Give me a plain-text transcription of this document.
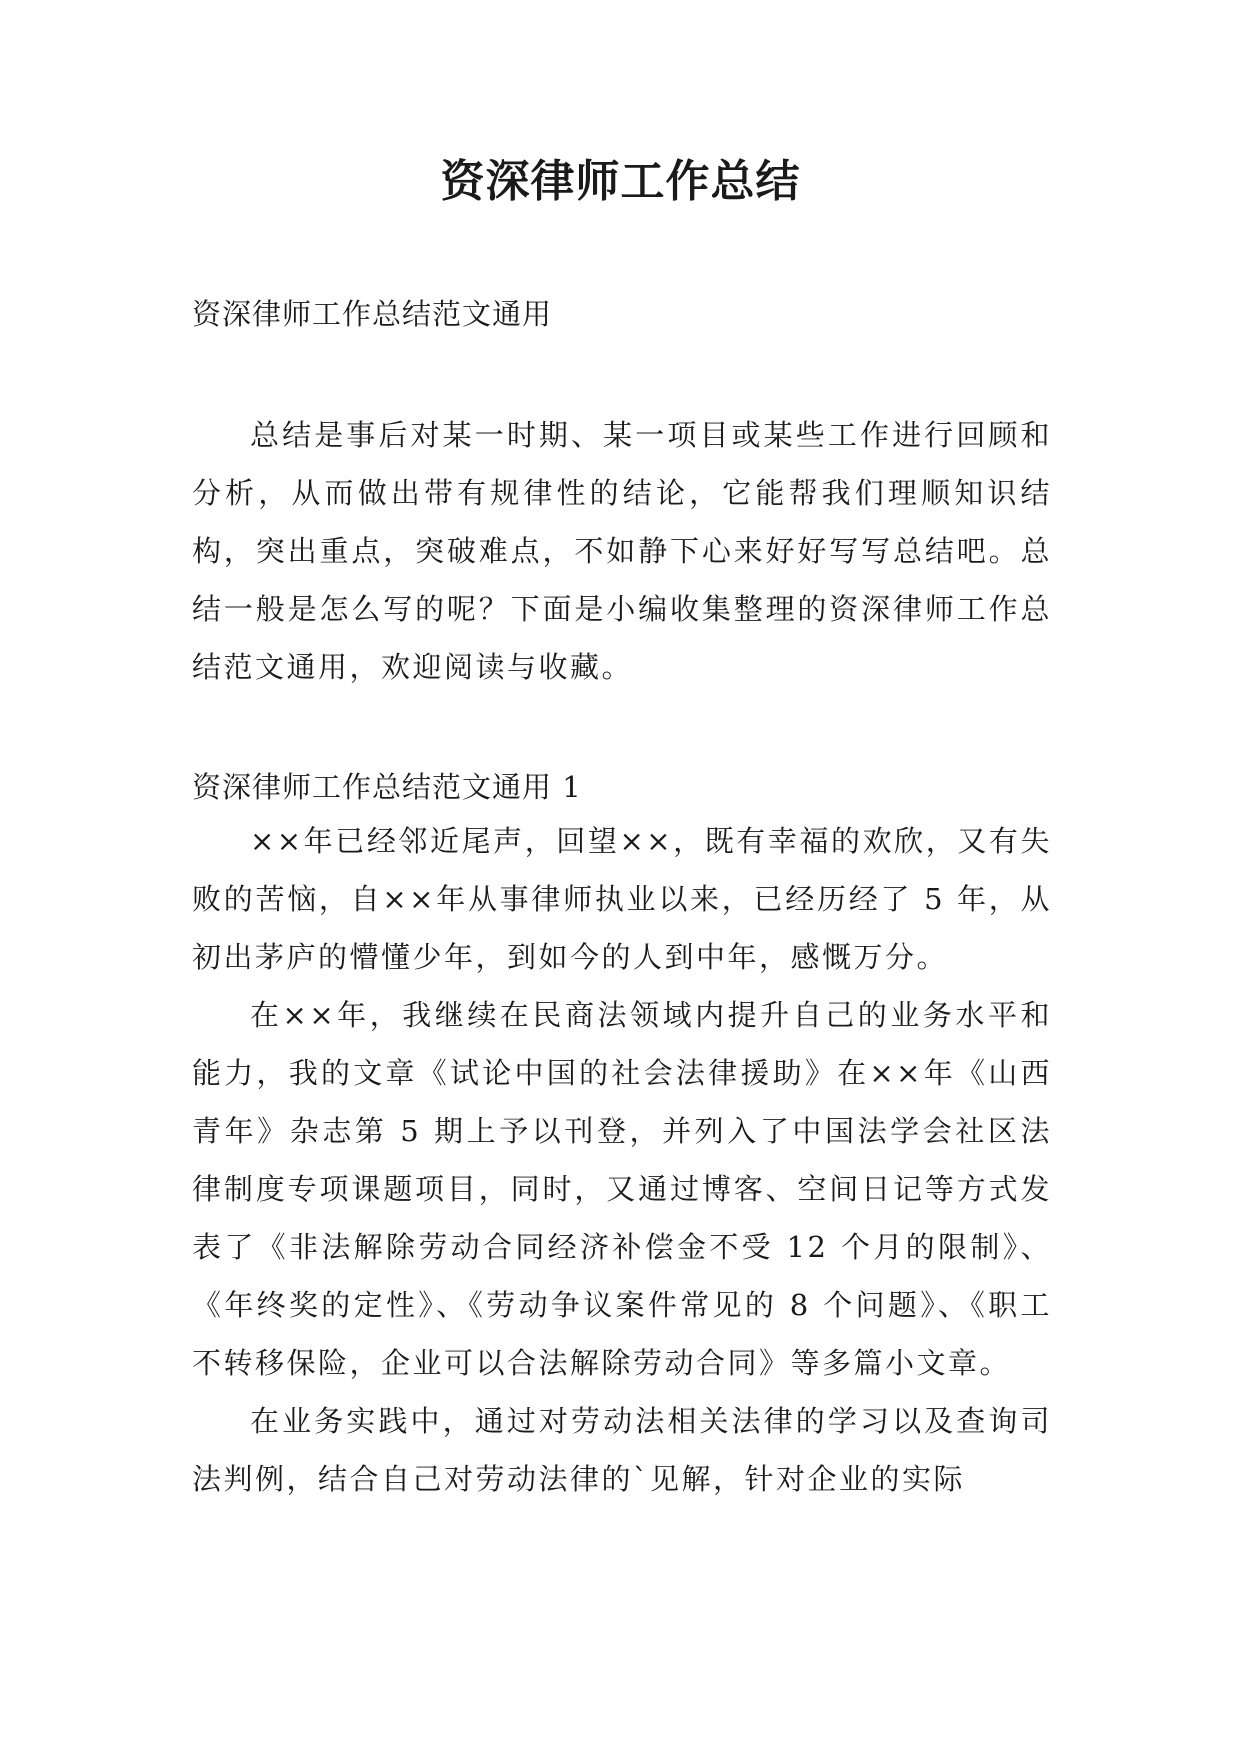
资深律师工作总结

资深律师工作总结范文通用

总结是事后对某一时期、某一项目或某些工作进行回顾和分析，从而做出带有规律性的结论，它能帮我们理顺知识结构，突出重点，突破难点，不如静下心来好好写写总结吧。总结一般是怎么写的呢？下面是小编收集整理的资深律师工作总结范文通用，欢迎阅读与收藏。

资深律师工作总结范文通用 1

××年已经邻近尾声，回望××，既有幸福的欢欣，又有失败的苦恼，自××年从事律师执业以来，已经历经了 5 年，从初出茅庐的懵懂少年，到如今的人到中年，感慨万分。

在××年，我继续在民商法领域内提升自己的业务水平和能力，我的文章《试论中国的社会法律援助》在××年《山西青年》杂志第 5 期上予以刊登，并列入了中国法学会社区法律制度专项课题项目，同时，又通过博客、空间日记等方式发表了《非法解除劳动合同经济补偿金不受 12 个月的限制》、《年终奖的定性》、《劳动争议案件常见的 8 个问题》、《职工不转移保险，企业可以合法解除劳动合同》等多篇小文章。

在业务实践中，通过对劳动法相关法律的学习以及查询司法判例，结合自己对劳动法律的`见解，针对企业的实际
